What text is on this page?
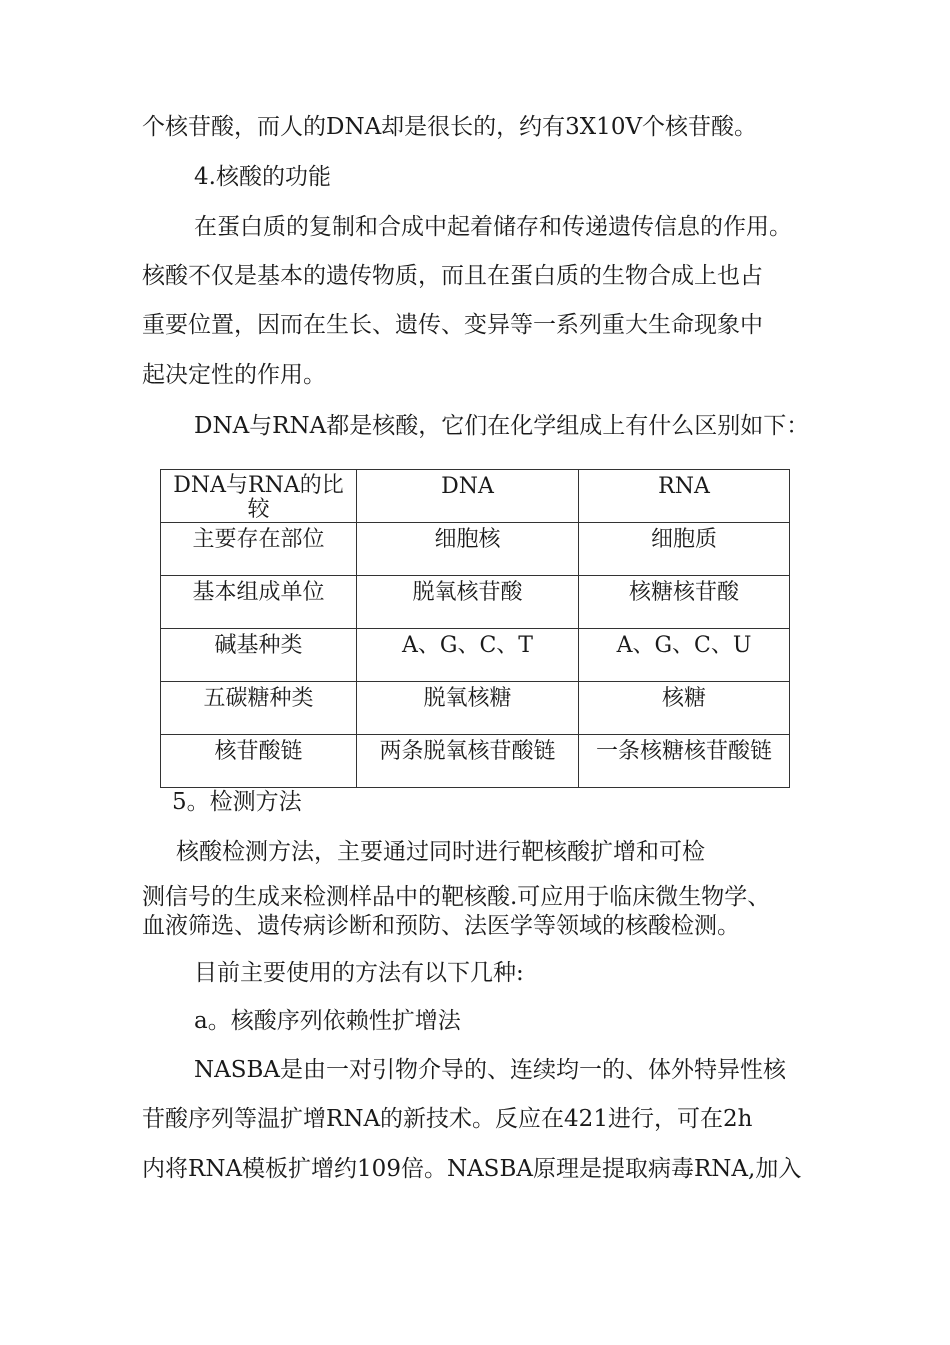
个核苷酸，而人的DNA却是很长的，约有3X10V个核苷酸。
4.核酸的功能
在蛋白质的复制和合成中起着储存和传递遗传信息的作用。
核酸不仅是基本的遗传物质，而且在蛋白质的生物合成上也占
重要位置，因而在生长、遗传、变异等一系列重大生命现象中
起决定性的作用。
DNA与RNA都是核酸，它们在化学组成上有什么区别如下：
DNA与RNA的比较	DNA	RNA
主要存在部位	细胞核	细胞质
基本组成单位	脱氧核苷酸	核糖核苷酸
碱基种类	A、G、C、T	A、G、C、U
五碳糖种类	脱氧核糖	核糖
核苷酸链	两条脱氧核苷酸链	一条核糖核苷酸链
5。检测方法
核酸检测方法，主要通过同时进行靶核酸扩增和可检
测信号的生成来检测样品中的靶核酸.可应用于临床微生物学、
血液筛选、遗传病诊断和预防、法医学等领域的核酸检测。
目前主要使用的方法有以下几种:
a。核酸序列依赖性扩增法
NASBA是由一对引物介导的、连续均一的、体外特异性核
苷酸序列等温扩增RNA的新技术。反应在421进行，可在2h
内将RNA模板扩增约109倍。NASBA原理是提取病毒RNA,加入
